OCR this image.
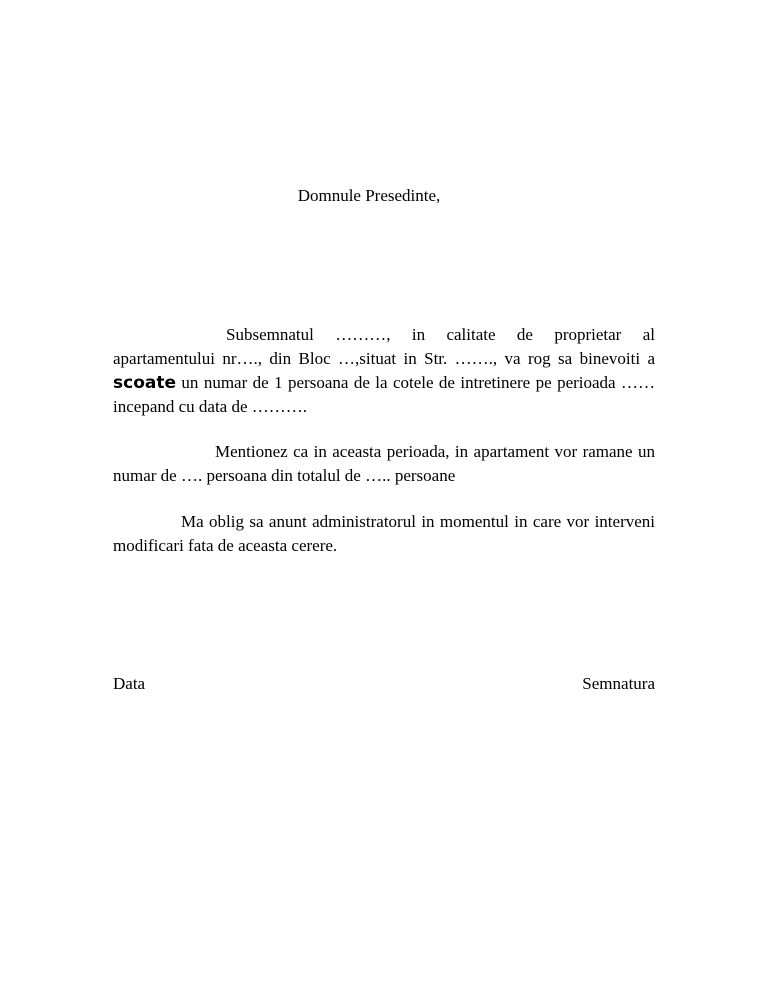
Domnule Presedinte,

Subsemnatul ………, in calitate de proprietar al apartamentului nr…., din Bloc …,situat in Str. ……., va rog sa binevoiti a scoate un numar de 1 persoana de la cotele de intretinere pe perioada ……incepand cu data de ……….

Mentionez ca in aceasta perioada, in apartament vor ramane un numar de …. persoana din totalul de ….. persoane

Ma oblig sa anunt administratorul in momentul in care vor interveni modificari fata de aceasta cerere.

Data	Semnatura
